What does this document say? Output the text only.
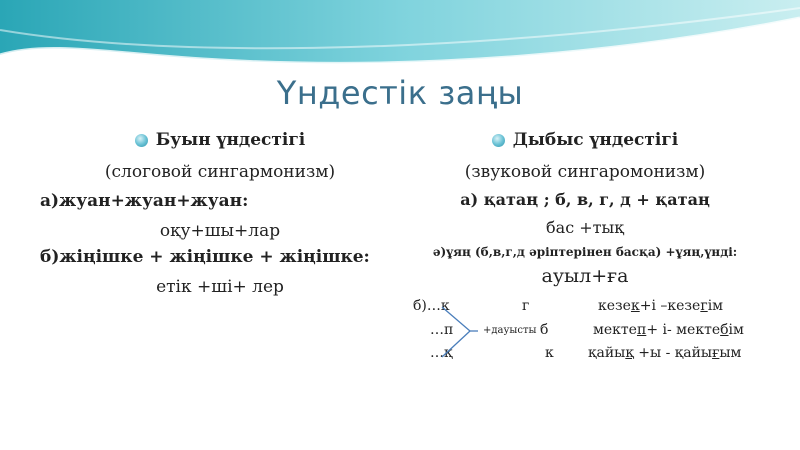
Үндестік заңы
Буын үндестігі
(слоговой сингармонизм)
а)жуан+жуан+жуан:
оқу+шы+лар
б)жіңішке + жіңішке + жіңішке:
етік +ші+ лер
Дыбыс үндестігі
(звуковой сингаромонизм)
а) қатаң ; б, в, г, д + қатаң
бас +тық
ә)ұяң (б,в,г,д әріптерінен басқа) +ұяң,үнді:
ауыл+ға
б)…к	г	кезек+і –кезегім
…п	+дауысты б	мектеп+ і- мектебім
…қ	к қайық +ы - қайығым
